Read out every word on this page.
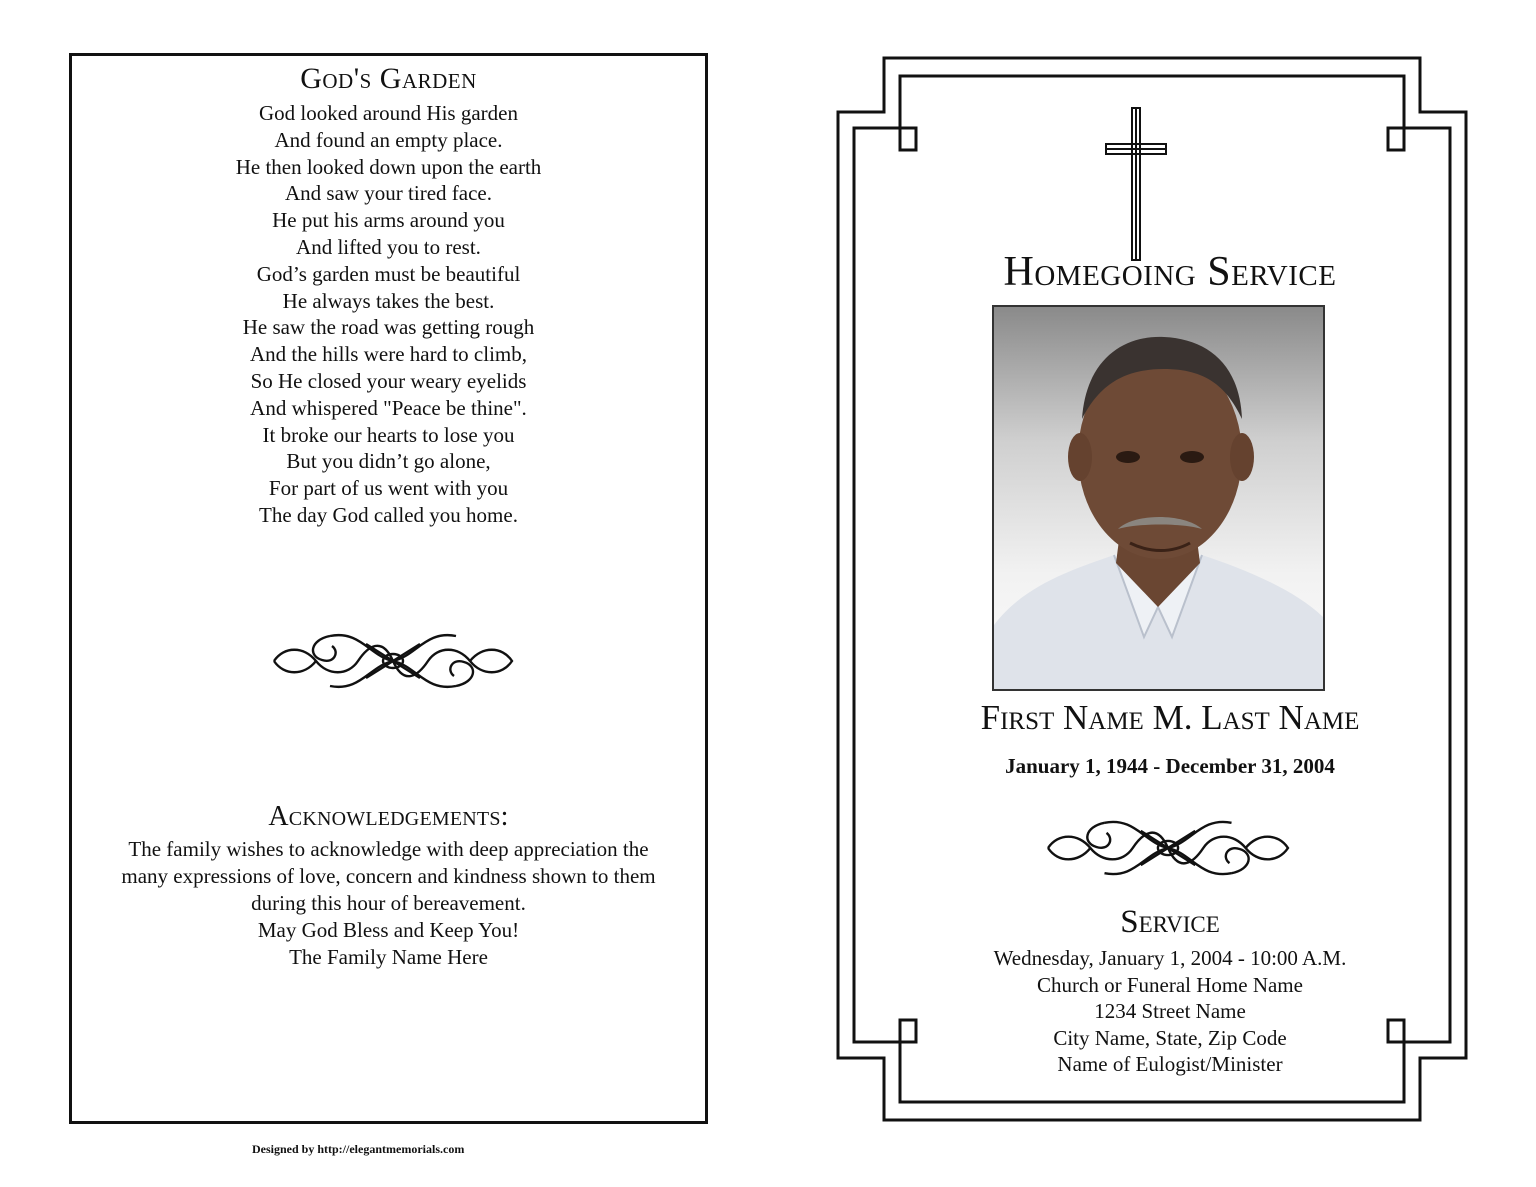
God's Garden
God looked around His garden
And found an empty place.
He then looked down upon the earth
And saw your tired face.
He put his arms around you
And lifted you to rest.
God’s garden must be beautiful
He always takes the best.
He saw the road was getting rough
And the hills were hard to climb,
So He closed your weary eyelids
And whispered "Peace be thine".
It broke our hearts to lose you
But you didn’t go alone,
For part of us went with you
The day God called you home.
Acknowledgements:
The family wishes to acknowledge with deep appreciation the
many expressions of love, concern and kindness shown to them
during this hour of bereavement.
May God Bless and Keep You!
The Family Name Here
Designed by http://elegantmemorials.com
Homegoing Service
First Name M. Last Name
January 1, 1944 - December 31, 2004
Service
Wednesday, January 1, 2004 - 10:00 A.M.
Church or Funeral Home Name
1234 Street Name
City Name, State, Zip Code
Name of Eulogist/Minister
